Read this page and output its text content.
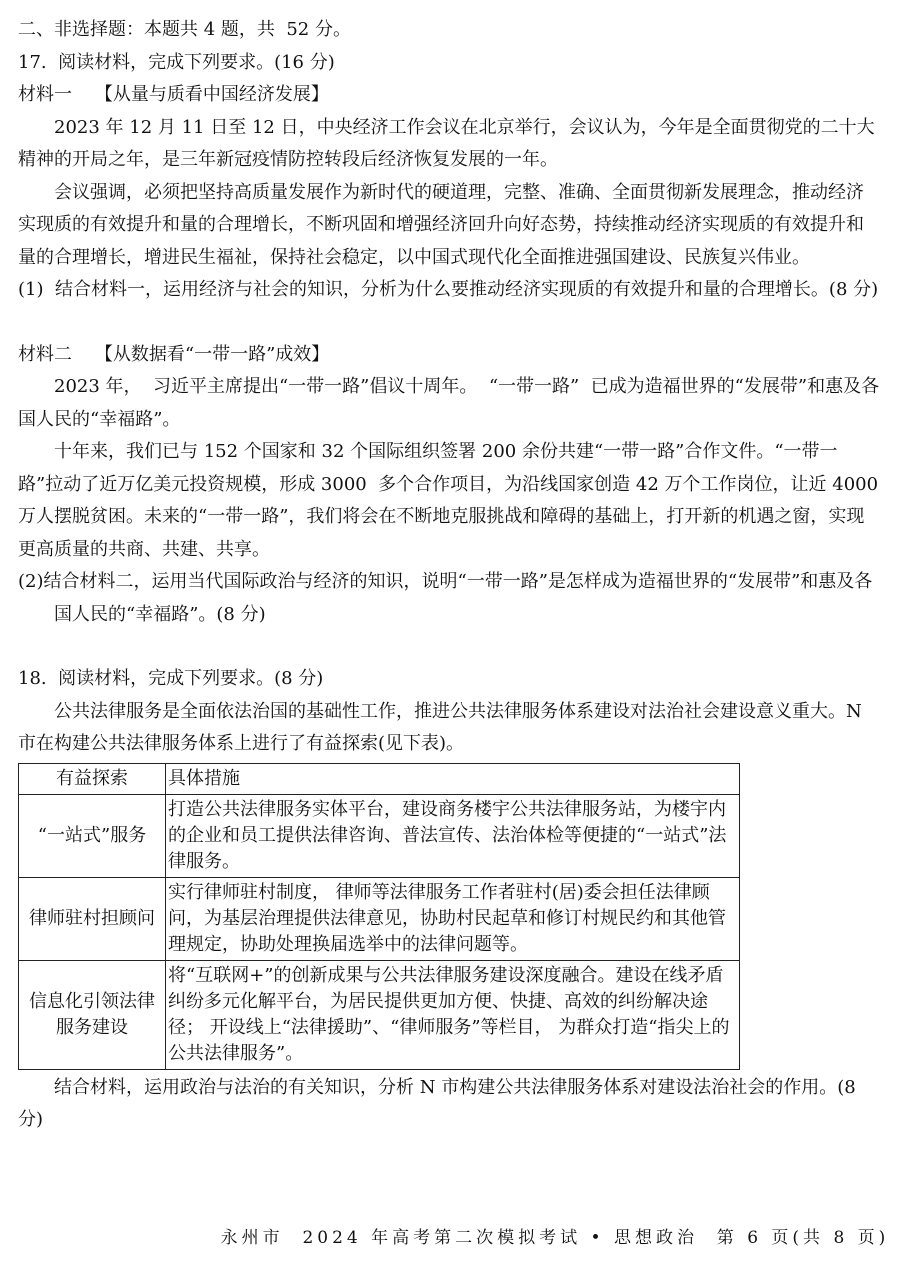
二、非选择题：本题共 4 题，共  52 分。

17.  阅读材料，完成下列要求。(16 分)

材料一    【从量与质看中国经济发展】

2023 年 12 月 11 日至 12 日，中央经济工作会议在北京举行，会议认为，今年是全面贯彻党的二十大精神的开局之年，是三年新冠疫情防控转段后经济恢复发展的一年。

会议强调，必须把坚持高质量发展作为新时代的硬道理，完整、准确、全面贯彻新发展理念，推动经济实现质的有效提升和量的合理增长，不断巩固和增强经济回升向好态势，持续推动经济实现质的有效提升和量的合理增长，增进民生福祉，保持社会稳定，以中国式现代化全面推进强国建设、民族复兴伟业。

(1)  结合材料一，运用经济与社会的知识，分析为什么要推动经济实现质的有效提升和量的合理增长。(8 分)

材料二    【从数据看“一带一路”成效】

2023 年，  习近平主席提出“一带一路”倡议十周年。  “一带一路”  已成为造福世界的“发展带”和惠及各国人民的“幸福路”。

十年来，我们已与 152 个国家和 32 个国际组织签署 200 余份共建“一带一路”合作文件。“一带一路”拉动了近万亿美元投资规模，形成 3000  多个合作项目，为沿线国家创造 42 万个工作岗位，让近 4000 万人摆脱贫困。未来的“一带一路”，我们将会在不断地克服挑战和障碍的基础上，打开新的机遇之窗，实现更高质量的共商、共建、共享。

(2)结合材料二，运用当代国际政治与经济的知识，说明“一带一路”是怎样成为造福世界的“发展带”和惠及各国人民的“幸福路”。(8 分)

18.  阅读材料，完成下列要求。(8 分)

公共法律服务是全面依法治国的基础性工作，推进公共法律服务体系建设对法治社会建设意义重大。N 市在构建公共法律服务体系上进行了有益探索(见下表)。

有益探索	具体措施
“一站式”服务	打造公共法律服务实体平台，建设商务楼宇公共法律服务站，为楼宇内的企业和员工提供法律咨询、普法宣传、法治体检等便捷的“一站式”法律服务。
律师驻村担顾问	实行律师驻村制度， 律师等法律服务工作者驻村(居)委会担任法律顾问，为基层治理提供法律意见，协助村民起草和修订村规民约和其他管理规定，协助处理换届选举中的法律问题等。
信息化引领法律服务建设	将“互联网+”的创新成果与公共法律服务建设深度融合。建设在线矛盾纠纷多元化解平台，为居民提供更加方便、快捷、高效的纠纷解决途径； 开设线上“法律援助”、“律师服务”等栏目， 为群众打造“指尖上的公共法律服务”。

结合材料，运用政治与法治的有关知识，分析 N 市构建公共法律服务体系对建设法治社会的作用。(8 分)

永州市  2024 年高考第二次模拟考试 • 思想政治  第 6 页(共 8 页)
